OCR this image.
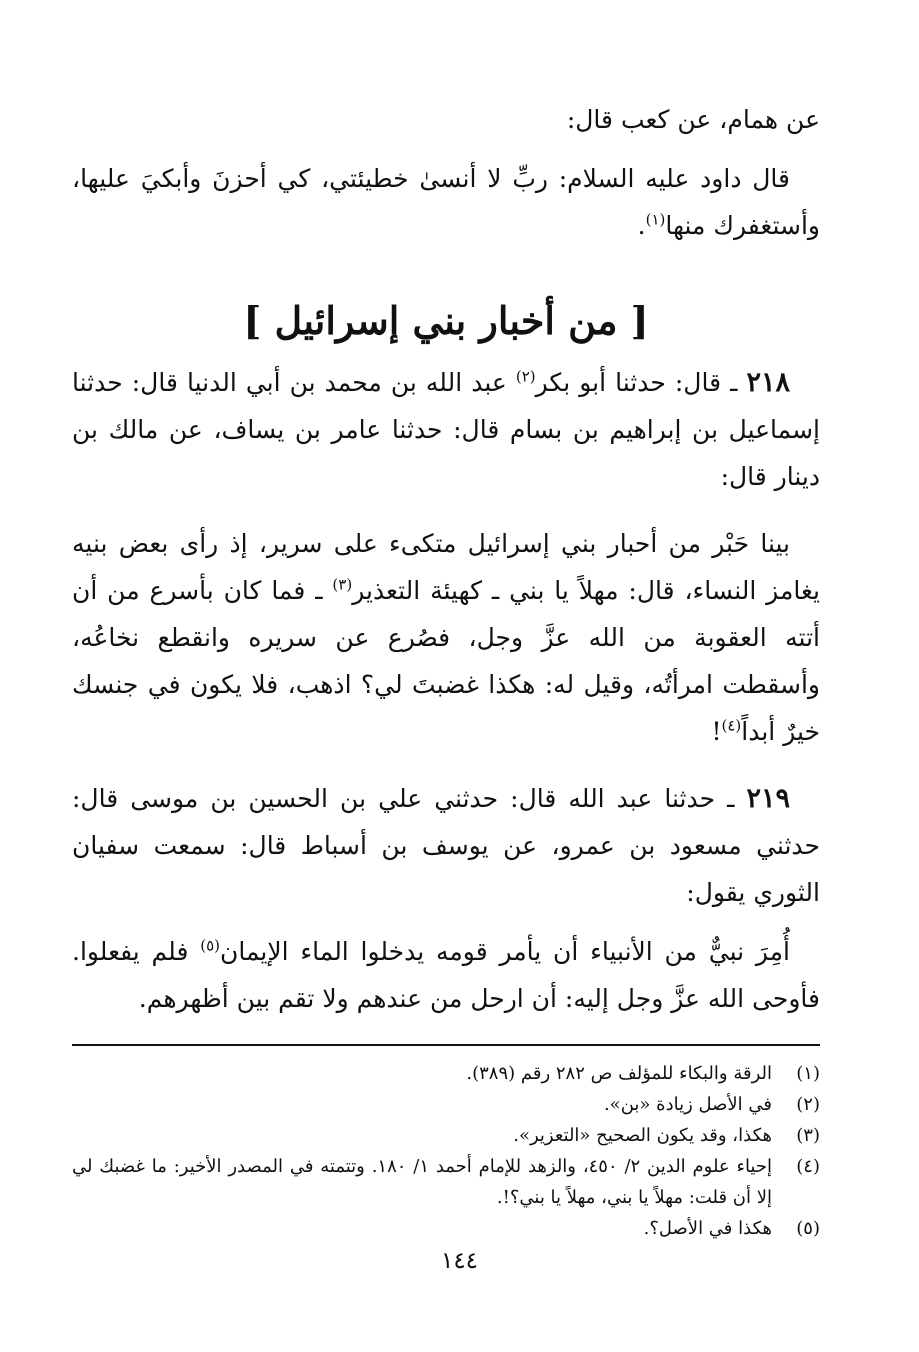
عن همام، عن كعب قال:

قال داود عليه السلام: ربِّ لا أنسىٰ خطيئتي، كي أحزنَ وأبكيَ عليها، وأستغفرك منها$^{(١)}$.

[ من أخبار بني إسرائيل ]

٢١٨ ـ قال: حدثنا أبو بكر$^{(٢)}$ عبد الله بن محمد بن أبي الدنيا قال: حدثنا إسماعيل بن إبراهيم بن بسام قال: حدثنا عامر بن يساف، عن مالك بن دينار قال:

بينا حَبْر من أحبار بني إسرائيل متكىء على سرير، إذ رأى بعض بنيه يغامز النساء، قال: مهلاً يا بني ـ كهيئة التعذير$^{(٣)}$ ـ فما كان بأسرع من أن أتته العقوبة من الله عزَّ وجل، فصُرع عن سريره وانقطع نخاعُه، وأسقطت امرأتُه، وقيل له: هكذا غضبتَ لي؟ اذهب، فلا يكون في جنسك خيرٌ أبداً$^{(٤)}$!

٢١٩ ـ حدثنا عبد الله قال: حدثني علي بن الحسين بن موسى قال: حدثني مسعود بن عمرو، عن يوسف بن أسباط قال: سمعت سفيان الثوري يقول:

أُمِرَ نبيٌّ من الأنبياء أن يأمر قومه يدخلوا الماء الإيمان$^{(٥)}$ فلم يفعلوا. فأوحى الله عزَّ وجل إليه: أن ارحل من عندهم ولا تقم بين أظهرهم.

(١)
الرقة والبكاء للمؤلف ص ٢٨٢ رقم (٣٨٩).
(٢)
في الأصل زيادة «بن».
(٣)
هكذا، وقد يكون الصحيح «التعزير».
(٤)
إحياء علوم الدين ٢/ ٤٥٠، والزهد للإمام أحمد ١/ ١٨٠. وتتمته في المصدر الأخير: ما غضبك لي إلا أن قلت: مهلاً يا بني، مهلاً يا بني؟!.
(٥)
هكذا في الأصل؟.
١٤٤
